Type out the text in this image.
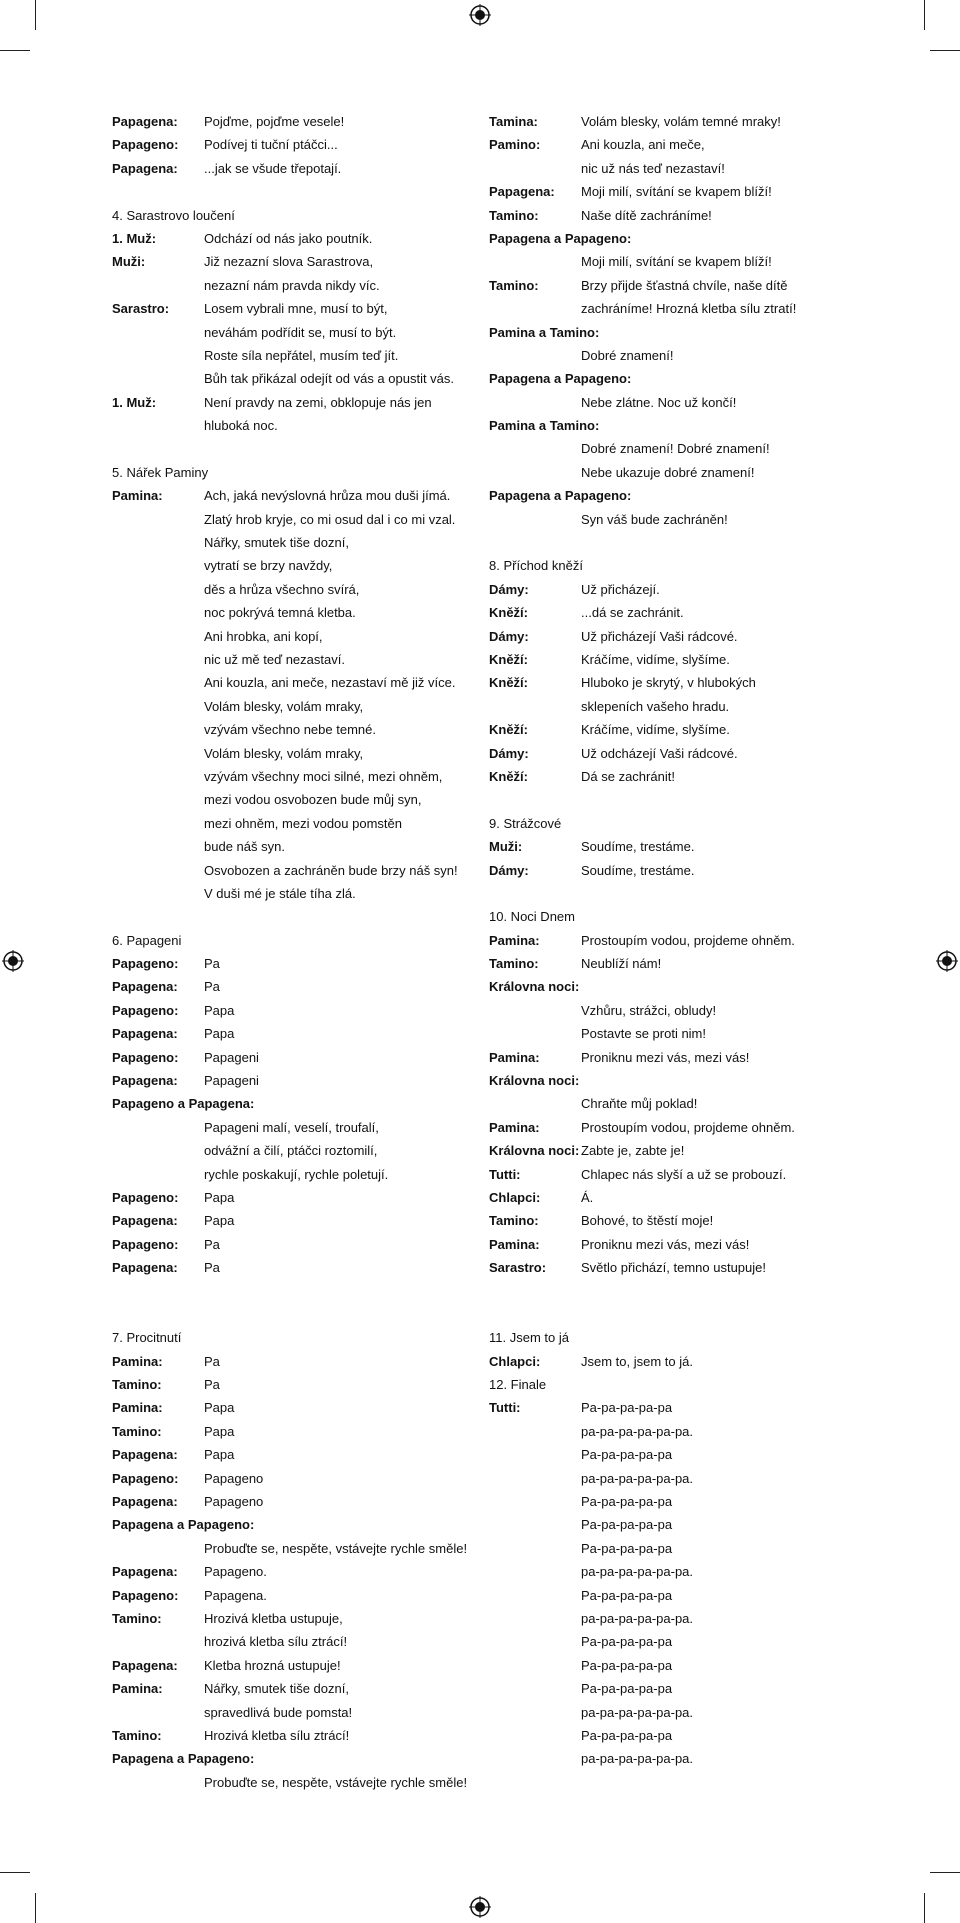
Papagena:	Pojďme, pojďme vesele!
Papageno:	Podívej ti tuční ptáčci...
Papagena:	...jak se všude třepotají.
4. Sarastrovo loučení
1. Muž:	Odchází od nás jako poutník.
Muži:	Již nezazní slova Sarastrova,
nezazní nám pravda nikdy víc.
Sarastro:	Losem vybrali mne, musí to být,
neváhám podřídit se, musí to být.
Roste síla nepřátel, musím teď jít.
Bůh tak přikázal odejít od vás a opustit vás.
1. Muž:	Není pravdy na zemi, obklopuje nás jen
hluboká noc.
5. Nářek Paminy
Pamina:	Ach, jaká nevýslovná hrůza mou duši jímá.
Zlatý hrob kryje, co mi osud dal i co mi vzal.
Nářky, smutek tiše dozní,
vytratí se brzy navždy,
děs a hrůza všechno svírá,
noc pokrývá temná kletba.
Ani hrobka, ani kopí,
nic už mě teď nezastaví.
Ani kouzla, ani meče, nezastaví mě již více.
Volám blesky, volám mraky,
vzývám všechno nebe temné.
Volám blesky, volám mraky,
vzývám všechny moci silné, mezi ohněm,
mezi vodou osvobozen bude můj syn,
mezi ohněm, mezi vodou pomstěn
bude náš syn.
Osvobozen a zachráněn bude brzy náš syn!
V duši mé je stále tíha zlá.
6. Papageni
Papageno:	Pa
Papagena:	Pa
Papageno:	Papa
Papagena:	Papa
Papageno:	Papageni
Papagena:	Papageni
Papageno a Papagena:
Papageni malí, veselí, troufalí,
odvážní a čilí, ptáčci roztomilí,
rychle poskakují, rychle poletují.
Papageno:	Papa
Papagena:	Papa
Papageno:	Pa
Papagena:	Pa
7. Procitnutí
Pamina:	Pa
Tamino:	Pa
Pamina:	Papa
Tamino:	Papa
Papagena:	Papa
Papageno:	Papageno
Papagena:	Papageno
Papagena a Papageno:
Probuďte se, nespěte, vstávejte rychle směle!
Papagena:	Papageno.
Papageno:	Papagena.
Tamino:	Hrozivá kletba ustupuje,
hrozivá kletba sílu ztrácí!
Papagena:	Kletba hrozná ustupuje!
Pamina:	Nářky, smutek tiše dozní,
spravedlivá bude pomsta!
Tamino:	Hrozivá kletba sílu ztrácí!
Papagena a Papageno:
Probuďte se, nespěte, vstávejte rychle směle!
Tamina:	Volám blesky, volám temné mraky!
Pamino:	Ani kouzla, ani meče,
nic už nás teď nezastaví!
Papagena:	Moji milí, svítání se kvapem blíží!
Tamino:	Naše dítě zachráníme!
Papagena a Papageno:
Moji milí, svítání se kvapem blíží!
Tamino:	Brzy přijde šťastná chvíle, naše dítě
zachráníme! Hrozná kletba sílu ztratí!
Pamina a Tamino:
Dobré znamení!
Papagena a Papageno:
Nebe zlátne. Noc už končí!
Pamina a Tamino:
Dobré znamení! Dobré znamení!
Nebe ukazuje dobré znamení!
Papagena a Papageno:
Syn váš bude zachráněn!
8. Příchod kněží
Dámy:	Už přicházejí.
Kněží:	...dá se zachránit.
Dámy:	Už přicházejí Vaši rádcové.
Kněží:	Kráčíme, vidíme, slyšíme.
Kněží:	Hluboko je skrytý, v hlubokých
sklepeních vašeho hradu.
Kněží:	Kráčíme, vidíme, slyšíme.
Dámy:	Už odcházejí Vaši rádcové.
Kněží:	Dá se zachránit!
9. Strážcové
Muži:	Soudíme, trestáme.
Dámy:	Soudíme, trestáme.
10. Noci Dnem
Pamina:	Prostoupím vodou, projdeme ohněm.
Tamino:	Neublíží nám!
Královna noci:
Vzhůru, strážci, obludy!
Postavte se proti nim!
Pamina:	Proniknu mezi vás, mezi vás!
Královna noci:
Chraňte můj poklad!
Pamina:	Prostoupím vodou, projdeme ohněm.
Královna noci: Zabte je, zabte je!
Tutti:	Chlapec nás slyší a už se probouzí.
Chlapci:	Á.
Tamino:	Bohové, to štěstí moje!
Pamina:	Proniknu mezi vás, mezi vás!
Sarastro:	Světlo přichází, temno ustupuje!
11. Jsem to já
Chlapci:	Jsem to, jsem to já.
12. Finale
Tutti:	Pa-pa-pa-pa-pa
pa-pa-pa-pa-pa-pa.
Pa-pa-pa-pa-pa
pa-pa-pa-pa-pa-pa.
Pa-pa-pa-pa-pa
Pa-pa-pa-pa-pa
Pa-pa-pa-pa-pa
pa-pa-pa-pa-pa-pa.
Pa-pa-pa-pa-pa
pa-pa-pa-pa-pa-pa.
Pa-pa-pa-pa-pa
Pa-pa-pa-pa-pa
Pa-pa-pa-pa-pa
pa-pa-pa-pa-pa-pa.
Pa-pa-pa-pa-pa
pa-pa-pa-pa-pa-pa.
